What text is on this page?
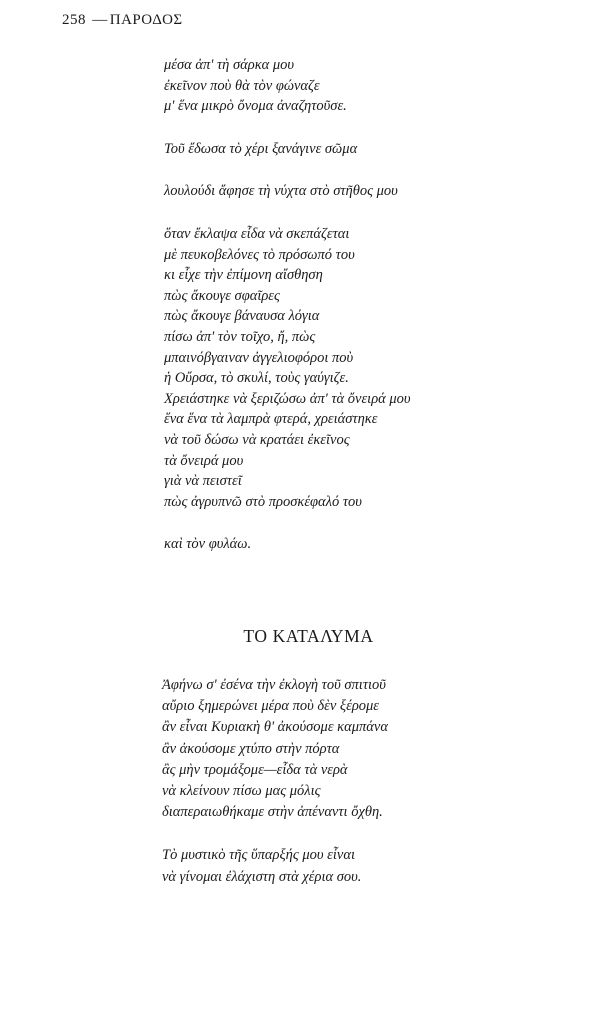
258 — ΠΑΡΟΔΟΣ
μέσα ἀπ' τὴ σάρκα μου
ἐκεῖνον ποὺ θὰ τὸν φώναζε
μ' ἕνα μικρὸ ὄνομα ἀναζητοῦσε.
Τοῦ ἔδωσα τὸ χέρι ξανάγινε σῶμα
λουλούδι ἄφησε τὴ νύχτα στὸ στῆθος μου
ὅταν ἔκλαψα εἶδα νὰ σκεπάζεται
μὲ πευκοβελόνες τὸ πρόσωπό του
κι εἶχε τὴν ἐπίμονη αἴσθηση
πὼς ἄκουγε σφαῖρες
πὼς ἄκουγε βάναυσα λόγια
πίσω ἀπ' τὸν τοῖχο, ἤ, πὼς
μπαινόβγαιναν ἀγγελιοφόροι ποὺ
ἡ Οὔρσα, τὸ σκυλί, τοὺς γαύγιζε.
Χρειάστηκε νὰ ξεριζώσω ἀπ' τὰ ὄνειρά μου
ἕνα ἕνα τὰ λαμπρὰ φτερά, χρειάστηκε
νὰ τοῦ δώσω νὰ κρατάει ἐκεῖνος
τὰ ὄνειρά μου
γιὰ νὰ πειστεῖ
πὼς ἀγρυπνῶ στὸ προσκέφαλό του
καὶ τὸν φυλάω.
ΤΟ ΚΑΤΑΛΥΜΑ
Ἀφήνω σ' ἐσένα τὴν ἐκλογὴ τοῦ σπιτιοῦ
αὔριο ξημερώνει μέρα ποὺ δὲν ξέρομε
ἂν εἶναι Κυριακὴ θ' ἀκούσομε καμπάνα
ἂν ἀκούσομε χτύπο στὴν πόρτα
ἂς μὴν τρομάξομε—εἶδα τὰ νερὰ
νὰ κλείνουν πίσω μας μόλις
διαπεραιωθήκαμε στὴν ἀπέναντι ὄχθη.
Τὸ μυστικὸ τῆς ὕπαρξής μου εἶναι
νὰ γίνομαι ἐλάχιστη στὰ χέρια σου.
